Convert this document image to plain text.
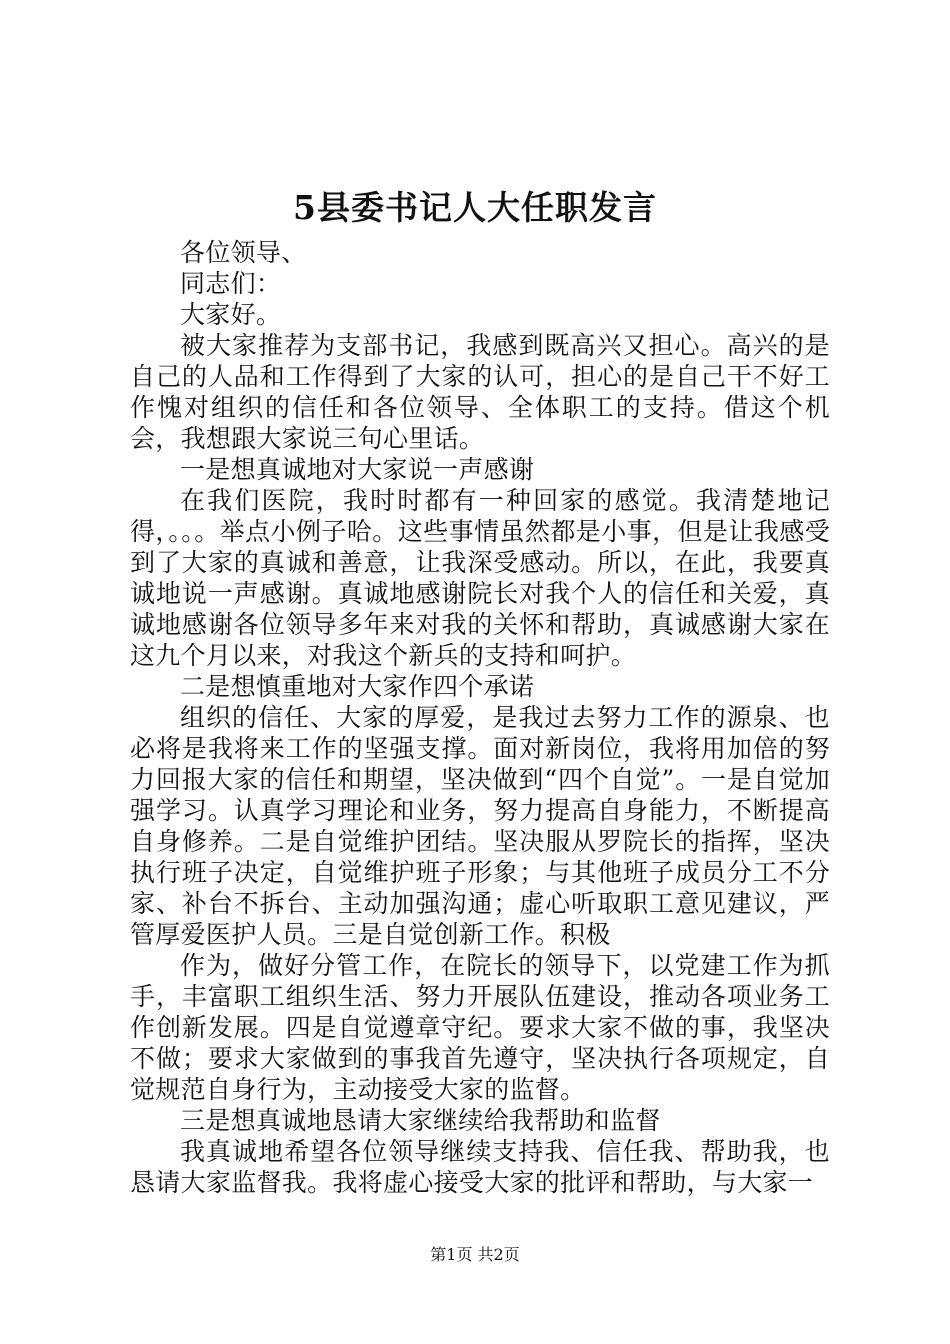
5县委书记人大任职发言

各位领导、

同志们：

大家好。

被大家推荐为支部书记，我感到既高兴又担心。高兴的是自己的人品和工作得到了大家的认可，担心的是自己干不好工作愧对组织的信任和各位领导、全体职工的支持。借这个机会，我想跟大家说三句心里话。

一是想真诚地对大家说一声感谢

在我们医院，我时时都有一种回家的感觉。我清楚地记得，。。。举点小例子哈。这些事情虽然都是小事，但是让我感受到了大家的真诚和善意，让我深受感动。所以，在此，我要真诚地说一声感谢。真诚地感谢院长对我个人的信任和关爱，真诚地感谢各位领导多年来对我的关怀和帮助，真诚感谢大家在这九个月以来，对我这个新兵的支持和呵护。

二是想慎重地对大家作四个承诺

组织的信任、大家的厚爱，是我过去努力工作的源泉、也必将是我将来工作的坚强支撑。面对新岗位，我将用加倍的努力回报大家的信任和期望，坚决做到“四个自觉”。一是自觉加强学习。认真学习理论和业务，努力提高自身能力，不断提高自身修养。二是自觉维护团结。坚决服从罗院长的指挥，坚决执行班子决定，自觉维护班子形象；与其他班子成员分工不分家、补台不拆台、主动加强沟通；虚心听取职工意见建议，严管厚爱医护人员。三是自觉创新工作。积极

作为，做好分管工作，在院长的领导下，以党建工作为抓手，丰富职工组织生活、努力开展队伍建设，推动各项业务工作创新发展。四是自觉遵章守纪。要求大家不做的事，我坚决不做；要求大家做到的事我首先遵守，坚决执行各项规定，自觉规范自身行为，主动接受大家的监督。

三是想真诚地恳请大家继续给我帮助和监督

我真诚地希望各位领导继续支持我、信任我、帮助我，也恳请大家监督我。我将虚心接受大家的批评和帮助，与大家一

第1页 共2页
